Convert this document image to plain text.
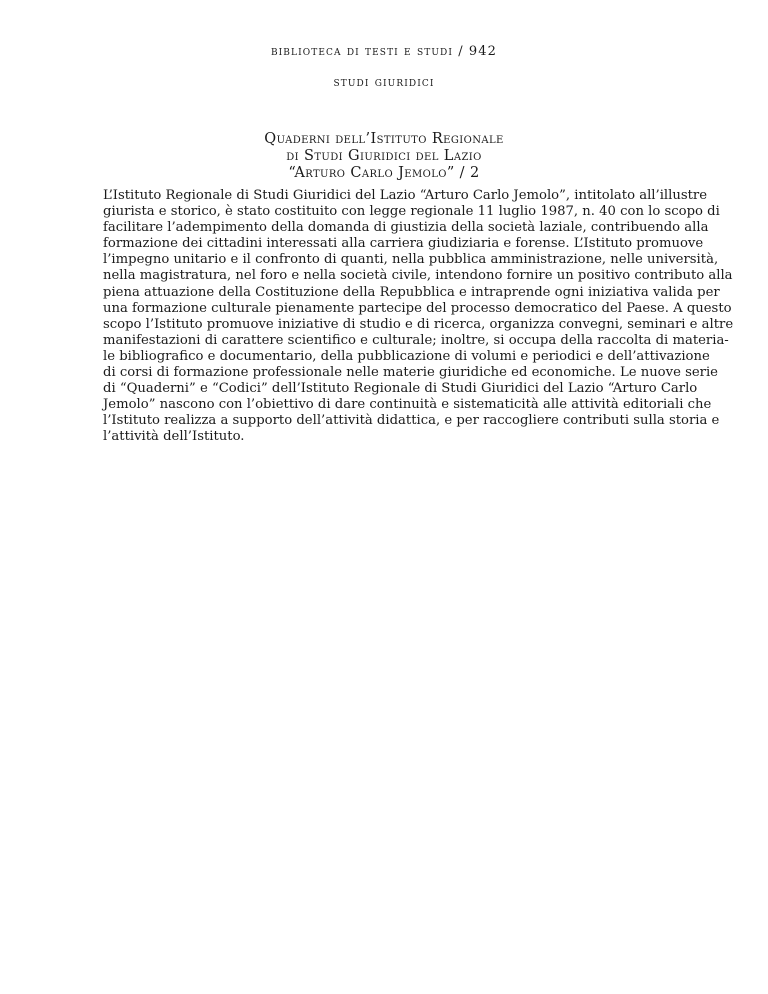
biblioteca di testi e studi / 942
studi giuridici
Quaderni dell’Istituto Regionale
di Studi Giuridici del Lazio
“Arturo Carlo Jemolo” / 2

L’Istituto Regionale di Studi Giuridici del Lazio “Arturo Carlo Jemolo”, intitolato all’illustre
giurista e storico, è stato costituito con legge regionale 11 luglio 1987, n. 40 con lo scopo di
facilitare l’adempimento della domanda di giustizia della società laziale, contribuendo alla
formazione dei cittadini interessati alla carriera giudiziaria e forense. L’Istituto promuove
l’impegno unitario e il confronto di quanti, nella pubblica amministrazione, nelle università,
nella magistratura, nel foro e nella società civile, intendono fornire un positivo contributo alla
piena attuazione della Costituzione della Repubblica e intraprende ogni iniziativa valida per
una formazione culturale pienamente partecipe del processo democratico del Paese. A questo
scopo l’Istituto promuove iniziative di studio e di ricerca, organizza convegni, seminari e altre
manifestazioni di carattere scientifico e culturale; inoltre, si occupa della raccolta di materia-
le bibliografico e documentario, della pubblicazione di volumi e periodici e dell’attivazione
di corsi di formazione professionale nelle materie giuridiche ed economiche. Le nuove serie
di “Quaderni” e “Codici” dell’Istituto Regionale di Studi Giuridici del Lazio “Arturo Carlo
Jemolo” nascono con l’obiettivo di dare continuità e sistematicità alle attività editoriali che
l’Istituto realizza a supporto dell’attività didattica, e per raccogliere contributi sulla storia e
l’attività dell’Istituto.
